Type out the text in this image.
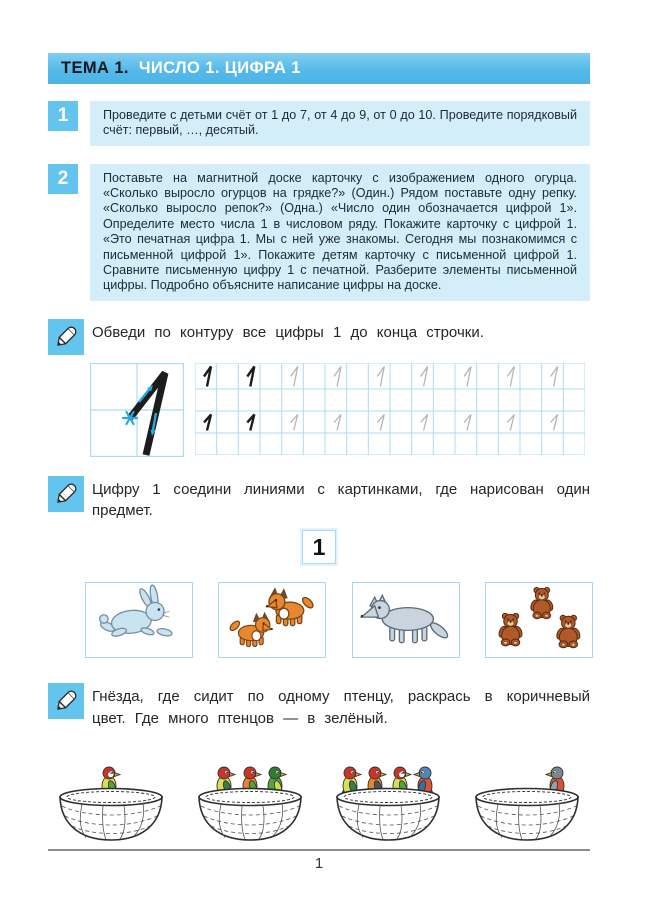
ТЕМА 1. ЧИСЛО 1. ЦИФРА 1
1	Проведите с детьми счёт от 1 до 7, от 4 до 9, от 0 до 10. Проведите порядковый счёт: первый, …, десятый.
2	Поставьте на магнитной доске карточку с изображением одного огурца. «Сколько выросло огурцов на грядке?» (Один.) Рядом поставьте одну репку. «Сколько выросло репок?» (Одна.) «Число один обозначается цифрой 1». Определите место числа 1 в числовом ряду. Покажите карточку с цифрой 1. «Это печатная цифра 1. Мы с ней уже знакомы. Сегодня мы познакомимся с письменной цифрой 1». Покажите детям карточку с письменной цифрой 1. Сравните письменную цифру 1 с печатной. Разберите элементы письменной цифры. Подробно объясните написание цифры на доске.

Обведи по контуру все цифры 1 до конца строчки.

Цифру 1 соедини линиями с картинками, где нарисован один предмет.

1

Гнёзда, где сидит по одному птенцу, раскрась в коричневый цвет. Где много птенцов — в зелёный.

1
